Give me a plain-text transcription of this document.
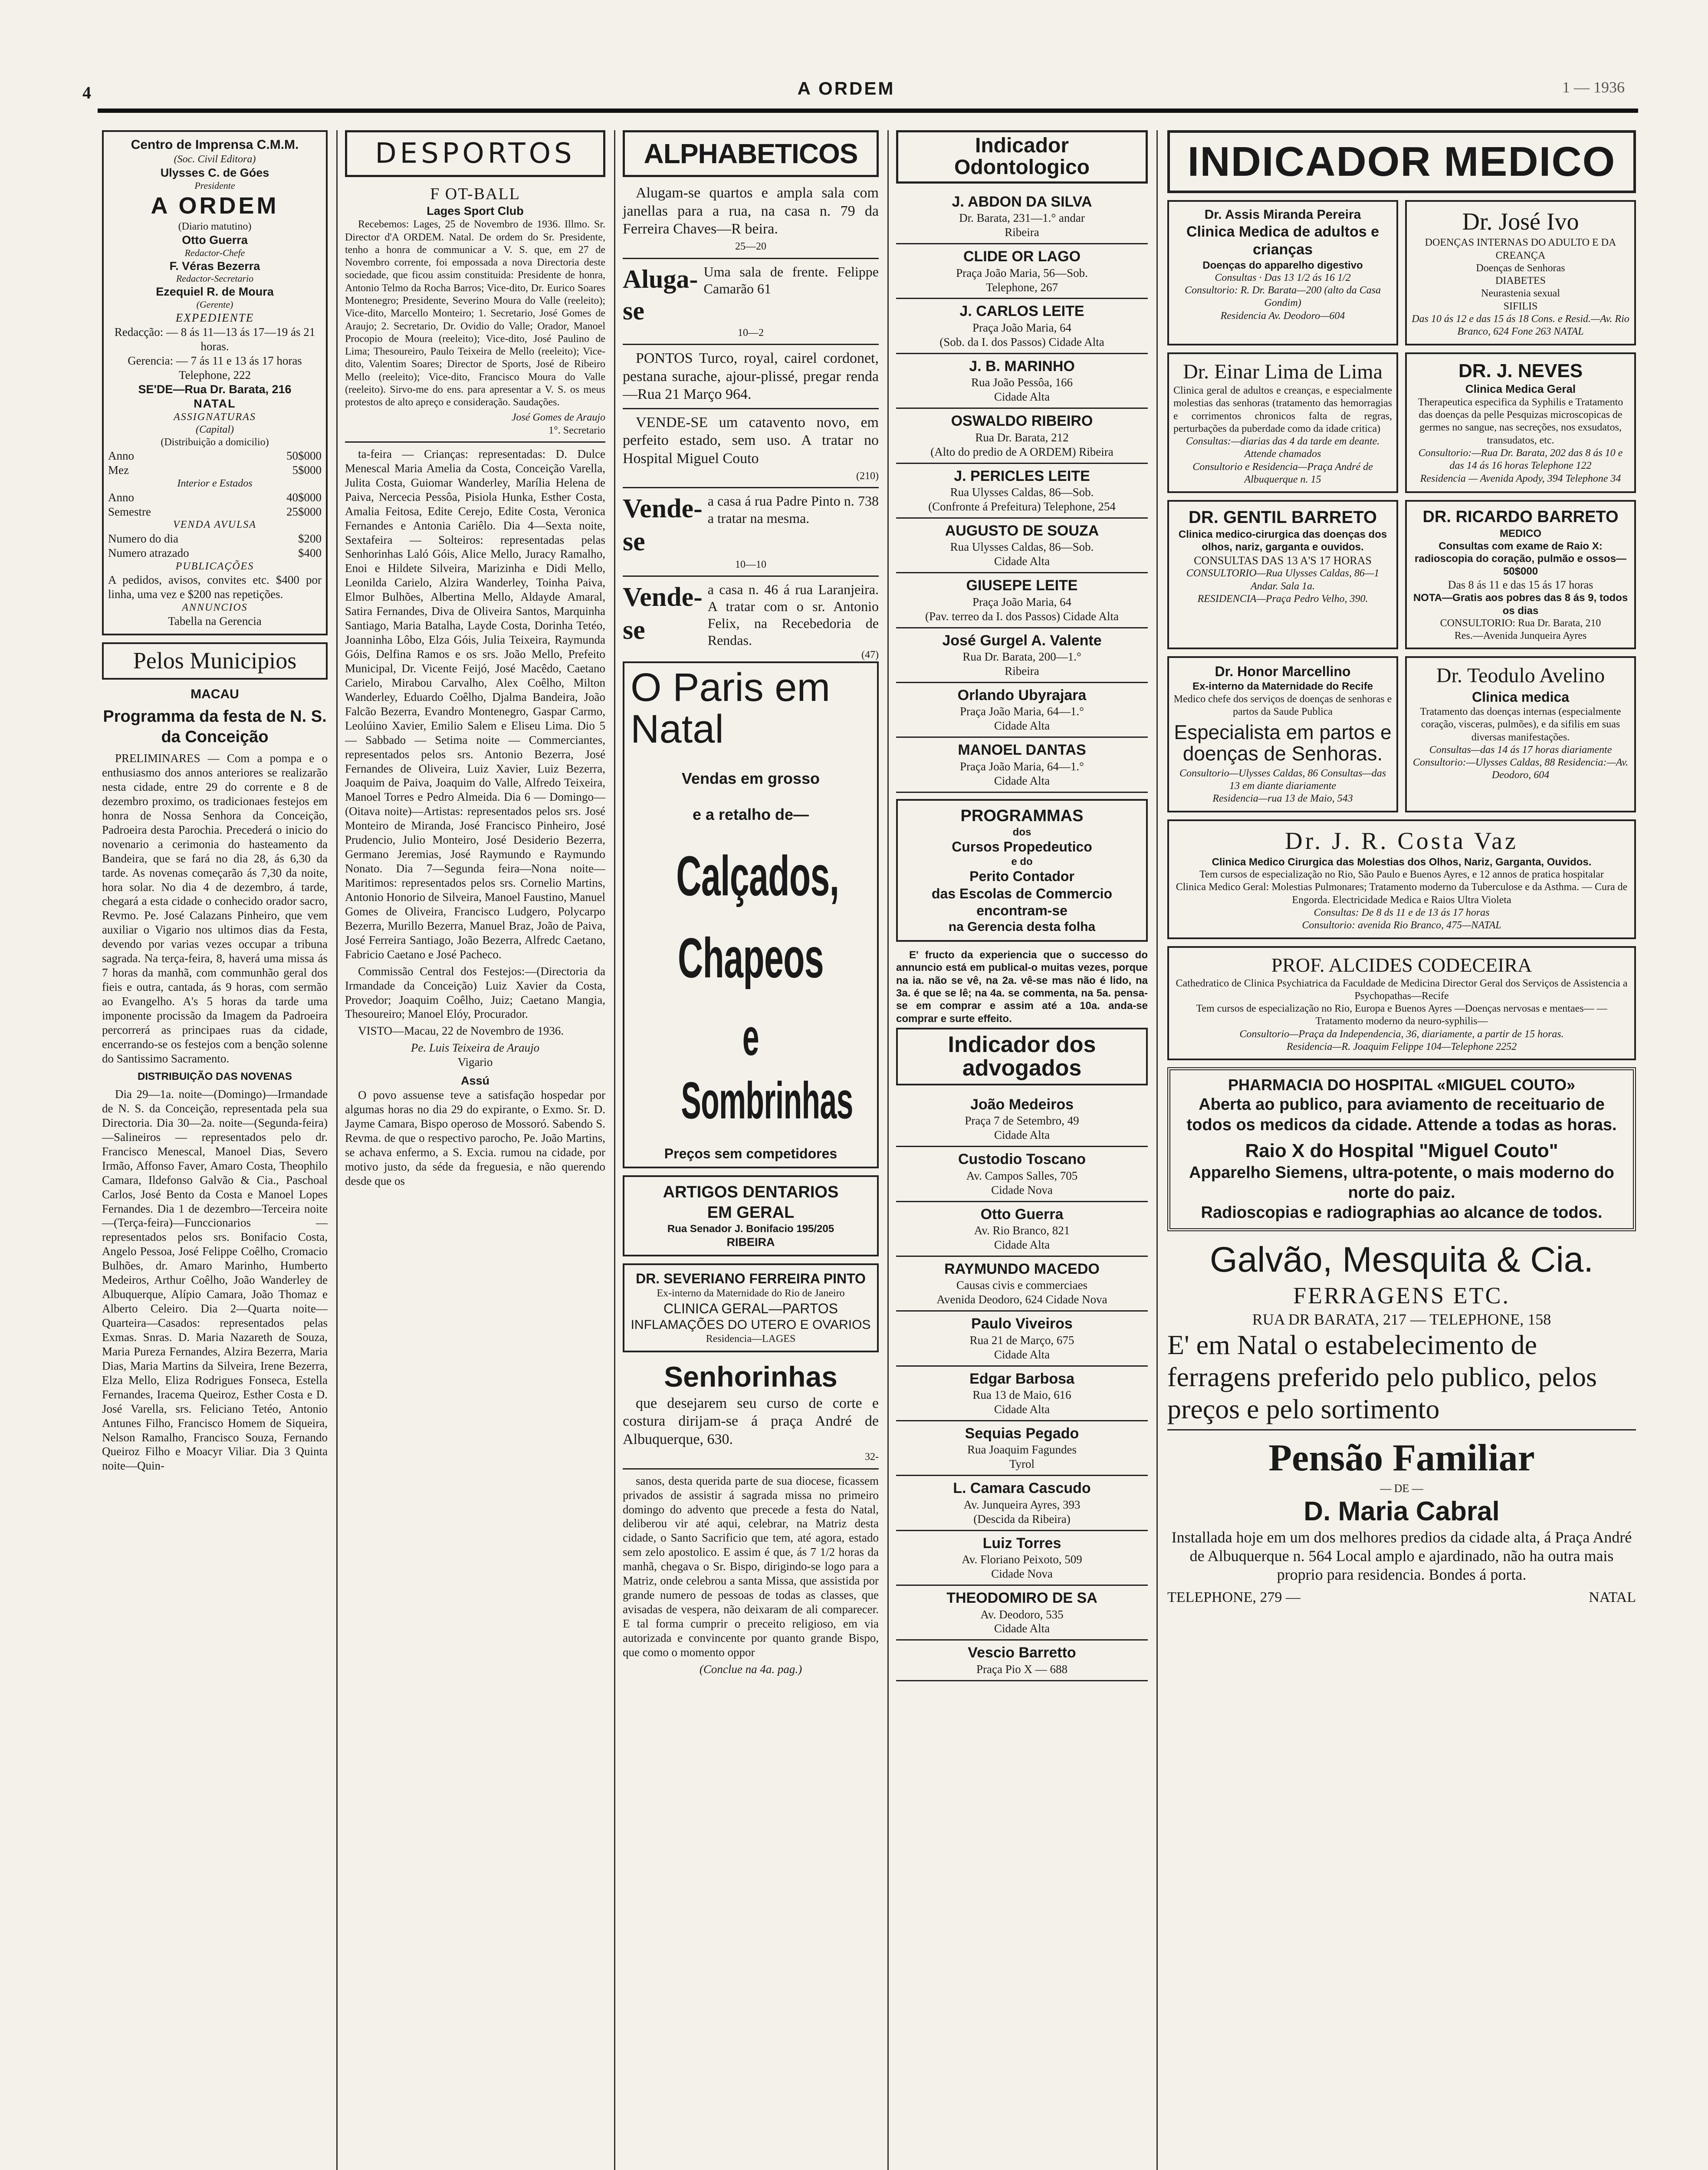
4	A ORDEM	1 — 1936
Centro de Imprensa C.M.M.
(Soc. Civil Editora)
Ulysses C. de Góes
Presidente
A ORDEM
(Diario matutino)
Otto Guerra
Redactor-Chefe
F. Véras Bezerra
Redactor-Secretario
Ezequiel R. de Moura
(Gerente)
EXPEDIENTE
Redacção: — 8 ás 11—13 ás 17—19 ás 21 horas.
Gerencia: — 7 ás 11 e 13 ás 17 horas
Telephone, 222
SE'DE—Rua Dr. Barata, 216
NATAL
ASSIGNATURAS
(Capital)
(Distribuição a domicilio)
Anno	50$000
Mez	5$000
Interior e Estados
Anno	40$000
Semestre	25$000
VENDA AVULSA
Numero do dia	$200
Numero atrazado	$400
PUBLICAÇÕES
A pedidos, avisos, convites etc. $400 por linha, uma vez e $200 nas repetições.
ANNUNCIOS
Tabella na Gerencia
Pelos Municipios
MACAU
Programma da festa de N. S. da Conceição

PRELIMINARES — Com a pompa e o enthusiasmo dos annos anteriores se realizarão nesta cidade, entre 29 do corrente e 8 de dezembro proximo, os tradicionaes festejos em honra de Nossa Senhora da Conceição, Padroeira desta Parochia. Precederá o inicio do novenario a cerimonia do hasteamento da Bandeira, que se fará no dia 28, ás 6,30 da tarde. As novenas começarão ás 7,30 da noite, hora solar. No dia 4 de dezembro, á tarde, chegará a esta cidade o conhecido orador sacro, Revmo. Pe. José Calazans Pinheiro, que vem auxiliar o Vigario nos ultimos dias da Festa, devendo por varias vezes occupar a tribuna sagrada. Na terça-feira, 8, haverá uma missa ás 7 horas da manhã, com communhão geral dos fieis e outra, cantada, ás 9 horas, com sermão ao Evangelho. A's 5 horas da tarde uma imponente procissão da Imagem da Padroeira percorrerá as principaes ruas da cidade, encerrando-se os festejos com a benção solenne do Santissimo Sacramento.

DISTRIBUIÇÃO DAS NOVENAS

Dia 29—1a. noite—(Domingo)—Irmandade de N. S. da Conceição, representada pela sua Directoria. Dia 30—2a. noite—(Segunda-feira)—Salineiros — representados pelo dr. Francisco Menescal, Manoel Dias, Severo Irmão, Affonso Faver, Amaro Costa, Theophilo Camara, Ildefonso Galvão & Cia., Paschoal Carlos, José Bento da Costa e Manoel Lopes Fernandes. Dia 1 de dezembro—Terceira noite—(Terça-feira)—Funccionarios — representados pelos srs. Bonifacio Costa, Angelo Pessoa, José Felippe Coêlho, Cromacio Bulhões, dr. Amaro Marinho, Humberto Medeiros, Arthur Coêlho, João Wanderley de Albuquerque, Alípio Camara, João Thomaz e Alberto Celeiro. Dia 2—Quarta noite—Quarteira—Casados: representados pelas Exmas. Snras. D. Maria Nazareth de Souza, Maria Pureza Fernandes, Alzira Bezerra, Maria Dias, Maria Martins da Silveira, Irene Bezerra, Elza Mello, Eliza Rodrigues Fonseca, Estella Fernandes, Iracema Queiroz, Esther Costa e D. José Varella, srs. Feliciano Tetéo, Antonio Antunes Filho, Francisco Homem de Siqueira, Nelson Ramalho, Francisco Souza, Fernando Queiroz Filho e Moacyr Viliar. Dia 3 Quinta noite—Quin-

DESPORTOS
F OT-BALL
Lages Sport Club

Recebemos: Lages, 25 de Novembro de 1936. Illmo. Sr. Director d'A ORDEM. Natal. De ordem do Sr. Presidente, tenho a honra de communicar a V. S. que, em 27 de Novembro corrente, foi empossada a nova Directoria deste sociedade, que ficou assim constituida: Presidente de honra, Antonio Telmo da Rocha Barros; Vice-dito, Dr. Eurico Soares Montenegro; Presidente, Severino Moura do Valle (reeleito); Vice-dito, Marcello Monteiro; 1. Secretario, José Gomes de Araujo; 2. Secretario, Dr. Ovidio do Valle; Orador, Manoel Procopio de Moura (reeleito); Vice-dito, José Paulino de Lima; Thesoureiro, Paulo Teixeira de Mello (reeleito); Vice-dito, Valentim Soares; Director de Sports, José de Ribeiro Mello (reeleito); Vice-dito, Francisco Moura do Valle (reeleito). Sirvo-me do ens. para apresentar a V. S. os meus protestos de alto apreço e consideração. Saudações.

José Gomes de Araujo
1°. Secretario

ta-feira — Crianças: representadas: D. Dulce Menescal Maria Amelia da Costa, Conceição Varella, Julita Costa, Guiomar Wanderley, Marília Helena de Paiva, Nercecia Pessôa, Pisiola Hunka, Esther Costa, Amalia Feitosa, Edite Cerejo, Edite Costa, Veronica Fernandes e Antonia Cariêlo. Dia 4—Sexta noite, Sextafeira — Solteiros: representadas pelas Senhorinhas Laló Góis, Alice Mello, Juracy Ramalho, Enoi e Hildete Silveira, Marizinha e Didi Mello, Leonilda Carielo, Alzira Wanderley, Toinha Paiva, Elmor Bulhões, Albertina Mello, Aldayde Amaral, Satira Fernandes, Diva de Oliveira Santos, Marquinha Santiago, Maria Batalha, Layde Costa, Dorinha Tetéo, Joanninha Lôbo, Elza Góis, Julia Teixeira, Raymunda Góis, Delfina Ramos e os srs. João Mello, Prefeito Municipal, Dr. Vicente Feijó, José Macêdo, Caetano Carielo, Mirabou Carvalho, Alex Coêlho, Milton Wanderley, Eduardo Coêlho, Djalma Bandeira, João Falcão Bezerra, Evandro Montenegro, Gaspar Carmo, Leolúino Xavier, Emilio Salem e Eliseu Lima. Dio 5 — Sabbado — Setima noite — Commerciantes, representados pelos srs. Antonio Bezerra, José Fernandes de Oliveira, Luiz Xavier, Luiz Bezerra, Joaquim de Paiva, Joaquim do Valle, Alfredo Teixeira, Manoel Torres e Pedro Almeida. Dia 6 — Domingo—(Oitava noite)—Artistas: representados pelos srs. José Monteiro de Miranda, José Francisco Pinheiro, José Prudencio, Julio Monteiro, José Desiderio Bezerra, Germano Jeremias, José Raymundo e Raymundo Nonato. Dia 7—Segunda feira—Nona noite—Maritimos: representados pelos srs. Cornelio Martins, Antonio Honorio de Silveira, Manoel Faustino, Manuel Gomes de Oliveira, Francisco Ludgero, Polycarpo Bezerra, Murillo Bezerra, Manuel Braz, João de Paiva, José Ferreira Santiago, João Bezerra, Alfredc Caetano, Fabricio Caetano e José Pacheco.

Commissão Central dos Festejos:—(Directoria da Irmandade da Conceição) Luiz Xavier da Costa, Provedor; Joaquim Coêlho, Juiz; Caetano Mangia, Thesoureiro; Manoel Elóy, Procurador.

VISTO—Macau, 22 de Novembro de 1936.

Pe. Luis Teixeira de Araujo
Vigario
Assú

O povo assuense teve a satisfação hospedar por algumas horas no dia 29 do expirante, o Exmo. Sr. D. Jayme Camara, Bispo operoso de Mossoró. Sabendo S. Revma. de que o respectivo parocho, Pe. João Martins, se achava enfermo, a S. Excia. rumou na cidade, por motivo justo, da séde da freguesia, e não querendo desde que os

ALPHABETICOS

Alugam-se quartos e ampla sala com janellas para a rua, na casa n. 79 da Ferreira Chaves—R beira.

25—20
Aluga-se
Uma sala de frente. Felippe Camarão 61
10—2

PONTOS Turco, royal, cairel cordonet, pestana surache, ajour-plissé, pregar renda—Rua 21 Março 964.

VENDE-SE um catavento novo, em perfeito estado, sem uso. A tratar no Hospital Miguel Couto

(210)
Vende-se
a casa á rua Padre Pinto n. 738 a tratar na mesma.
10—10
Vende-se
a casa n. 46 á rua Laranjeira. A tratar com o sr. Antonio Felix, na Recebedoria de Rendas.
(47)
O Paris em
Natal
Vendas em grosso
e a retalho de—
Calçados,
Chapeos
e Sombrinhas
Preços sem competidores
ARTIGOS DENTARIOS
EM GERAL
Rua Senador J. Bonifacio 195/205
RIBEIRA
DR. SEVERIANO FERREIRA PINTO
Ex-interno da Maternidade do Rio de Janeiro
CLINICA GERAL—PARTOS
INFLAMAÇÕES DO UTERO E OVARIOS
Residencia—LAGES
Senhorinhas

que desejarem seu curso de corte e costura dirijam-se á praça André de Albuquerque, 630.

32-

sanos, desta querida parte de sua diocese, ficassem privados de assistir á sagrada missa no primeiro domingo do advento que precede a festa do Natal, deliberou vir até aqui, celebrar, na Matriz desta cidade, o Santo Sacrificio que tem, até agora, estado sem zelo apostolico. E assim é que, ás 7 1/2 horas da manhã, chegava o Sr. Bispo, dirigindo-se logo para a Matriz, onde celebrou a santa Missa, que assistida por grande numero de pessoas de todas as classes, que avisadas de vespera, não deixaram de ali comparecer. E tal forma cumprir o preceito religioso, em via autorizada e convincente por quanto grande Bispo, que como o momento oppor

(Conclue na 4a. pag.)
Indicador
Odontologico
J. ABDON DA SILVA
Dr. Barata, 231—1.° andar
Ribeira
CLIDE OR LAGO
Praça João Maria, 56—Sob.
Telephone, 267
J. CARLOS LEITE
Praça João Maria, 64
(Sob. da I. dos Passos) Cidade Alta
J. B. MARINHO
Rua João Pessôa, 166
Cidade Alta
OSWALDO RIBEIRO
Rua Dr. Barata, 212
(Alto do predio de A ORDEM) Ribeira
J. PERICLES LEITE
Rua Ulysses Caldas, 86—Sob.
(Confronte á Prefeitura) Telephone, 254
AUGUSTO DE SOUZA
Rua Ulysses Caldas, 86—Sob.
Cidade Alta
GIUSEPE LEITE
Praça João Maria, 64
(Pav. terreo da I. dos Passos) Cidade Alta
José Gurgel A. Valente
Rua Dr. Barata, 200—1.°
Ribeira
Orlando Ubyrajara
Praça João Maria, 64—1.°
Cidade Alta
MANOEL DANTAS
Praça João Maria, 64—1.°
Cidade Alta
PROGRAMMAS
dos
Cursos Propedeutico
e do
Perito Contador
das Escolas de Commercio
encontram-se
na Gerencia desta folha

E' fructo da experiencia que o successo do annuncio está em publical-o muitas vezes, porque na ia. não se vê, na 2a. vê-se mas não é lido, na 3a. é que se lê; na 4a. se commenta, na 5a. pensa-se em comprar e assim até a 10a. anda-se comprar e surte effeito.

Indicador dos
advogados
João Medeiros
Praça 7 de Setembro, 49
Cidade Alta
Custodio Toscano
Av. Campos Salles, 705
Cidade Nova
Otto Guerra
Av. Rio Branco, 821
Cidade Alta
RAYMUNDO MACEDO
Causas civis e commerciaes
Avenida Deodoro, 624 Cidade Nova
Paulo Viveiros
Rua 21 de Março, 675
Cidade Alta
Edgar Barbosa
Rua 13 de Maio, 616
Cidade Alta
Sequias Pegado
Rua Joaquim Fagundes
Tyrol
L. Camara Cascudo
Av. Junqueira Ayres, 393
(Descida da Ribeira)
Luiz Torres
Av. Floriano Peixoto, 509
Cidade Nova
THEODOMIRO DE SA
Av. Deodoro, 535
Cidade Alta
Vescio Barretto
Praça Pio X — 688
INDICADOR MEDICO
Dr. Assis Miranda Pereira
Clinica Medica de adultos e crianças
Doenças do apparelho digestivo
Consultas · Das 13 1/2 ás 16 1/2
Consultorio: R. Dr. Barata—200 (alto da Casa Gondim)
Residencia Av. Deodoro—604
Dr. José Ivo
DOENÇAS INTERNAS DO ADULTO E DA CREANÇA
Doenças de Senhoras
DIABETES
Neurastenia sexual
SIFILIS
Das 10 ás 12 e das 15 ás 18 Cons. e Resid.—Av. Rio Branco, 624 Fone 263 NATAL
Dr. Einar Lima de Lima
Clinica geral de adultos e creanças, e especialmente molestias das senhoras (tratamento das hemorragias e corrimentos chronicos falta de regras, perturbações da puberdade como da idade critica)
Consultas:—diarias das 4 da tarde em deante. Attende chamados
Consultorio e Residencia—Praça André de Albuquerque n. 15
DR. J. NEVES
Clinica Medica Geral
Therapeutica especifica da Syphilis e Tratamento das doenças da pelle Pesquizas microscopicas de germes no sangue, nas secreções, nos exsudatos, transudatos, etc.
Consultorio:—Rua Dr. Barata, 202 das 8 ás 10 e das 14 ás 16 horas Telephone 122
Residencia — Avenida Apody, 394 Telephone 34
DR. GENTIL BARRETO
Clinica medico-cirurgica das doenças dos olhos, nariz, garganta e ouvidos.
CONSULTAS DAS 13 A'S 17 HORAS
CONSULTORIO—Rua Ulysses Caldas, 86—1 Andar. Sala 1a.
RESIDENCIA—Praça Pedro Velho, 390.
DR. RICARDO BARRETO
MEDICO
Consultas com exame de Raio X: radioscopia do coração, pulmão e ossos—50$000
Das 8 ás 11 e das 15 ás 17 horas
NOTA—Gratis aos pobres das 8 ás 9, todos os dias
CONSULTORIO: Rua Dr. Barata, 210
Res.—Avenida Junqueira Ayres
Dr. Honor Marcellino
Ex-interno da Maternidade do Recife
Medico chefe dos serviços de doenças de senhoras e partos da Saude Publica
Especialista em partos e doenças de Senhoras.
Consultorio—Ulysses Caldas, 86 Consultas—das 13 em diante diariamente
Residencia—rua 13 de Maio, 543
Dr. Teodulo Avelino
Clinica medica
Tratamento das doenças internas (especialmente coração, visceras, pulmões), e da sifilis em suas diversas manifestações.
Consultas—das 14 ás 17 horas diariamente
Consultorio:—Ulysses Caldas, 88 Residencia:—Av. Deodoro, 604
Dr. J. R. Costa Vaz
Clinica Medico Cirurgica das Molestias dos Olhos, Nariz, Garganta, Ouvidos.
Tem cursos de especialização no Rio, São Paulo e Buenos Ayres, e 12 annos de pratica hospitalar
Clinica Medico Geral: Molestias Pulmonares; Tratamento moderno da Tuberculose e da Asthma. — Cura de Engorda. Electricidade Medica e Raios Ultra Violeta
Consultas: De 8 ds 11 e de 13 ás 17 horas
Consultorio: avenida Rio Branco, 475—NATAL
PROF. ALCIDES CODECEIRA
Cathedratico de Clinica Psychiatrica da Faculdade de Medicina Director Geral dos Serviços de Assistencia a Psychopathas—Recife
Tem cursos de especialização no Rio, Europa e Buenos Ayres —Doenças nervosas e mentaes— —Tratamento moderno da neuro-syphilis—
Consultorio—Praça da Independencia, 36, diariamente, a partir de 15 horas.
Residencia—R. Joaquim Felippe 104—Telephone 2252
PHARMACIA DO HOSPITAL «MIGUEL COUTO»
Aberta ao publico, para aviamento de receituario de todos os medicos da cidade. Attende a todas as horas.
Raio X do Hospital "Miguel Couto"
Apparelho Siemens, ultra-potente, o mais moderno do norte do paiz.
Radioscopias e radiographias ao alcance de todos.
Galvão, Mesquita & Cia.
FERRAGENS ETC.
RUA DR BARATA, 217 — TELEPHONE, 158
E' em Natal o estabelecimento de ferragens preferido pelo publico, pelos preços e pelo sortimento
Pensão Familiar
— DE —
D. Maria Cabral
Installada hoje em um dos melhores predios da cidade alta, á Praça André de Albuquerque n. 564 Local amplo e ajardinado, não ha outra mais proprio para residencia. Bondes á porta.
TELEPHONE, 279 —	NATAL
